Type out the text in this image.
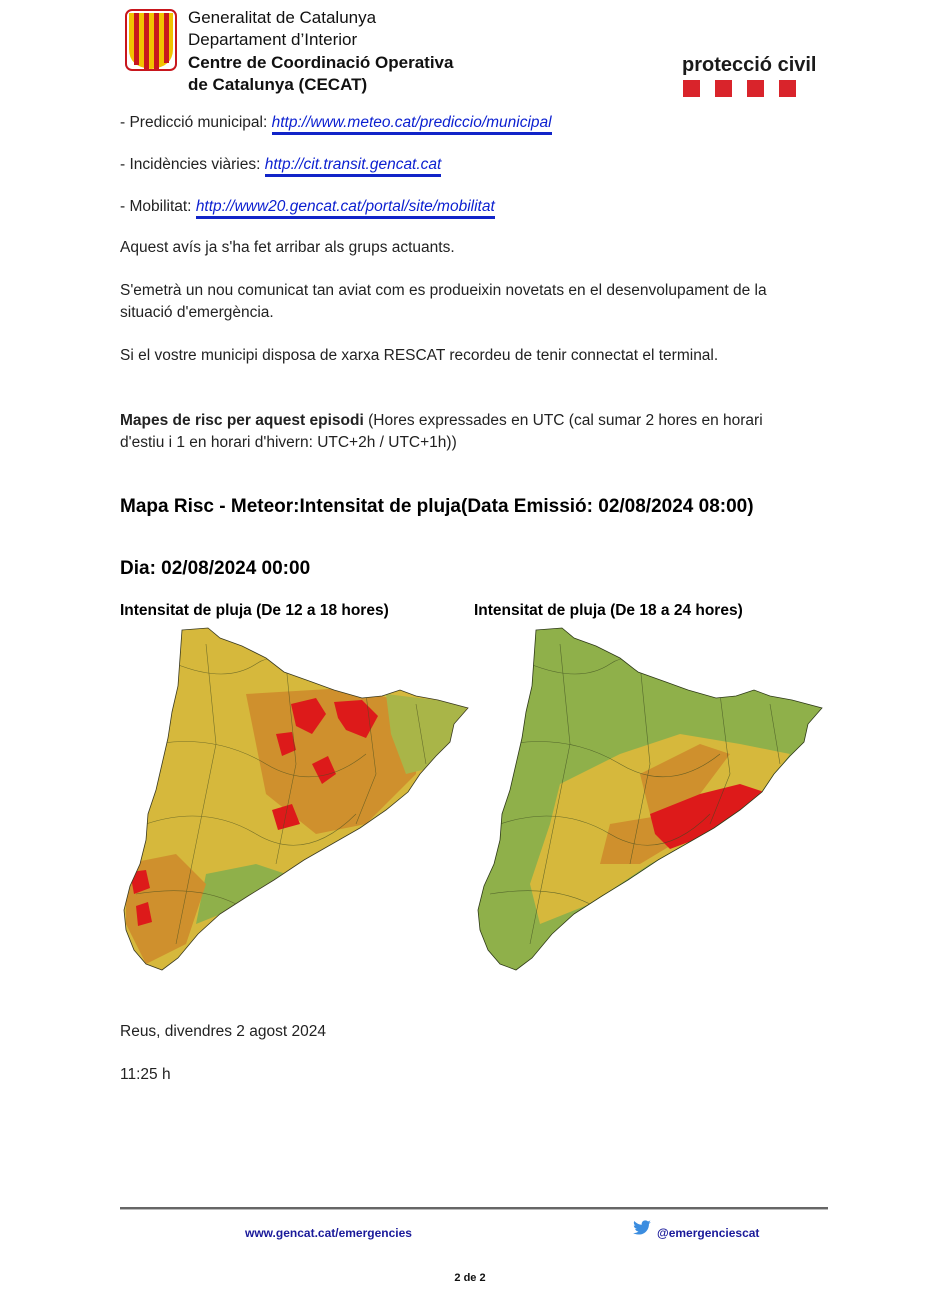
Generalitat de Catalunya
Departament d’Interior
Centre de Coordinació Operativa
de Catalunya (CECAT)
protecció civil
- Predicció municipal: http://www.meteo.cat/prediccio/municipal
- Incidències viàries: http://cit.transit.gencat.cat
- Mobilitat: http://www20.gencat.cat/portal/site/mobilitat
Aquest avís ja s'ha fet arribar als grups actuants.
S'emetrà un nou comunicat tan aviat com es produeixin novetats en el desenvolupament de la situació d'emergència.
Si el vostre municipi disposa de xarxa RESCAT recordeu de tenir connectat el terminal.
Mapes de risc per aquest episodi (Hores expressades en UTC (cal sumar 2 hores en horari d'estiu i 1 en horari d'hivern: UTC+2h / UTC+1h))
Mapa Risc - Meteor:Intensitat de pluja(Data Emissió: 02/08/2024 08:00)
Dia: 02/08/2024 00:00
Intensitat de pluja (De 12 a 18 hores)	Intensitat de pluja (De 18 a 24 hores)
Reus, divendres 2 agost 2024
11:25 h
www.gencat.cat/emergencies	@emergenciescat
2 de 2
